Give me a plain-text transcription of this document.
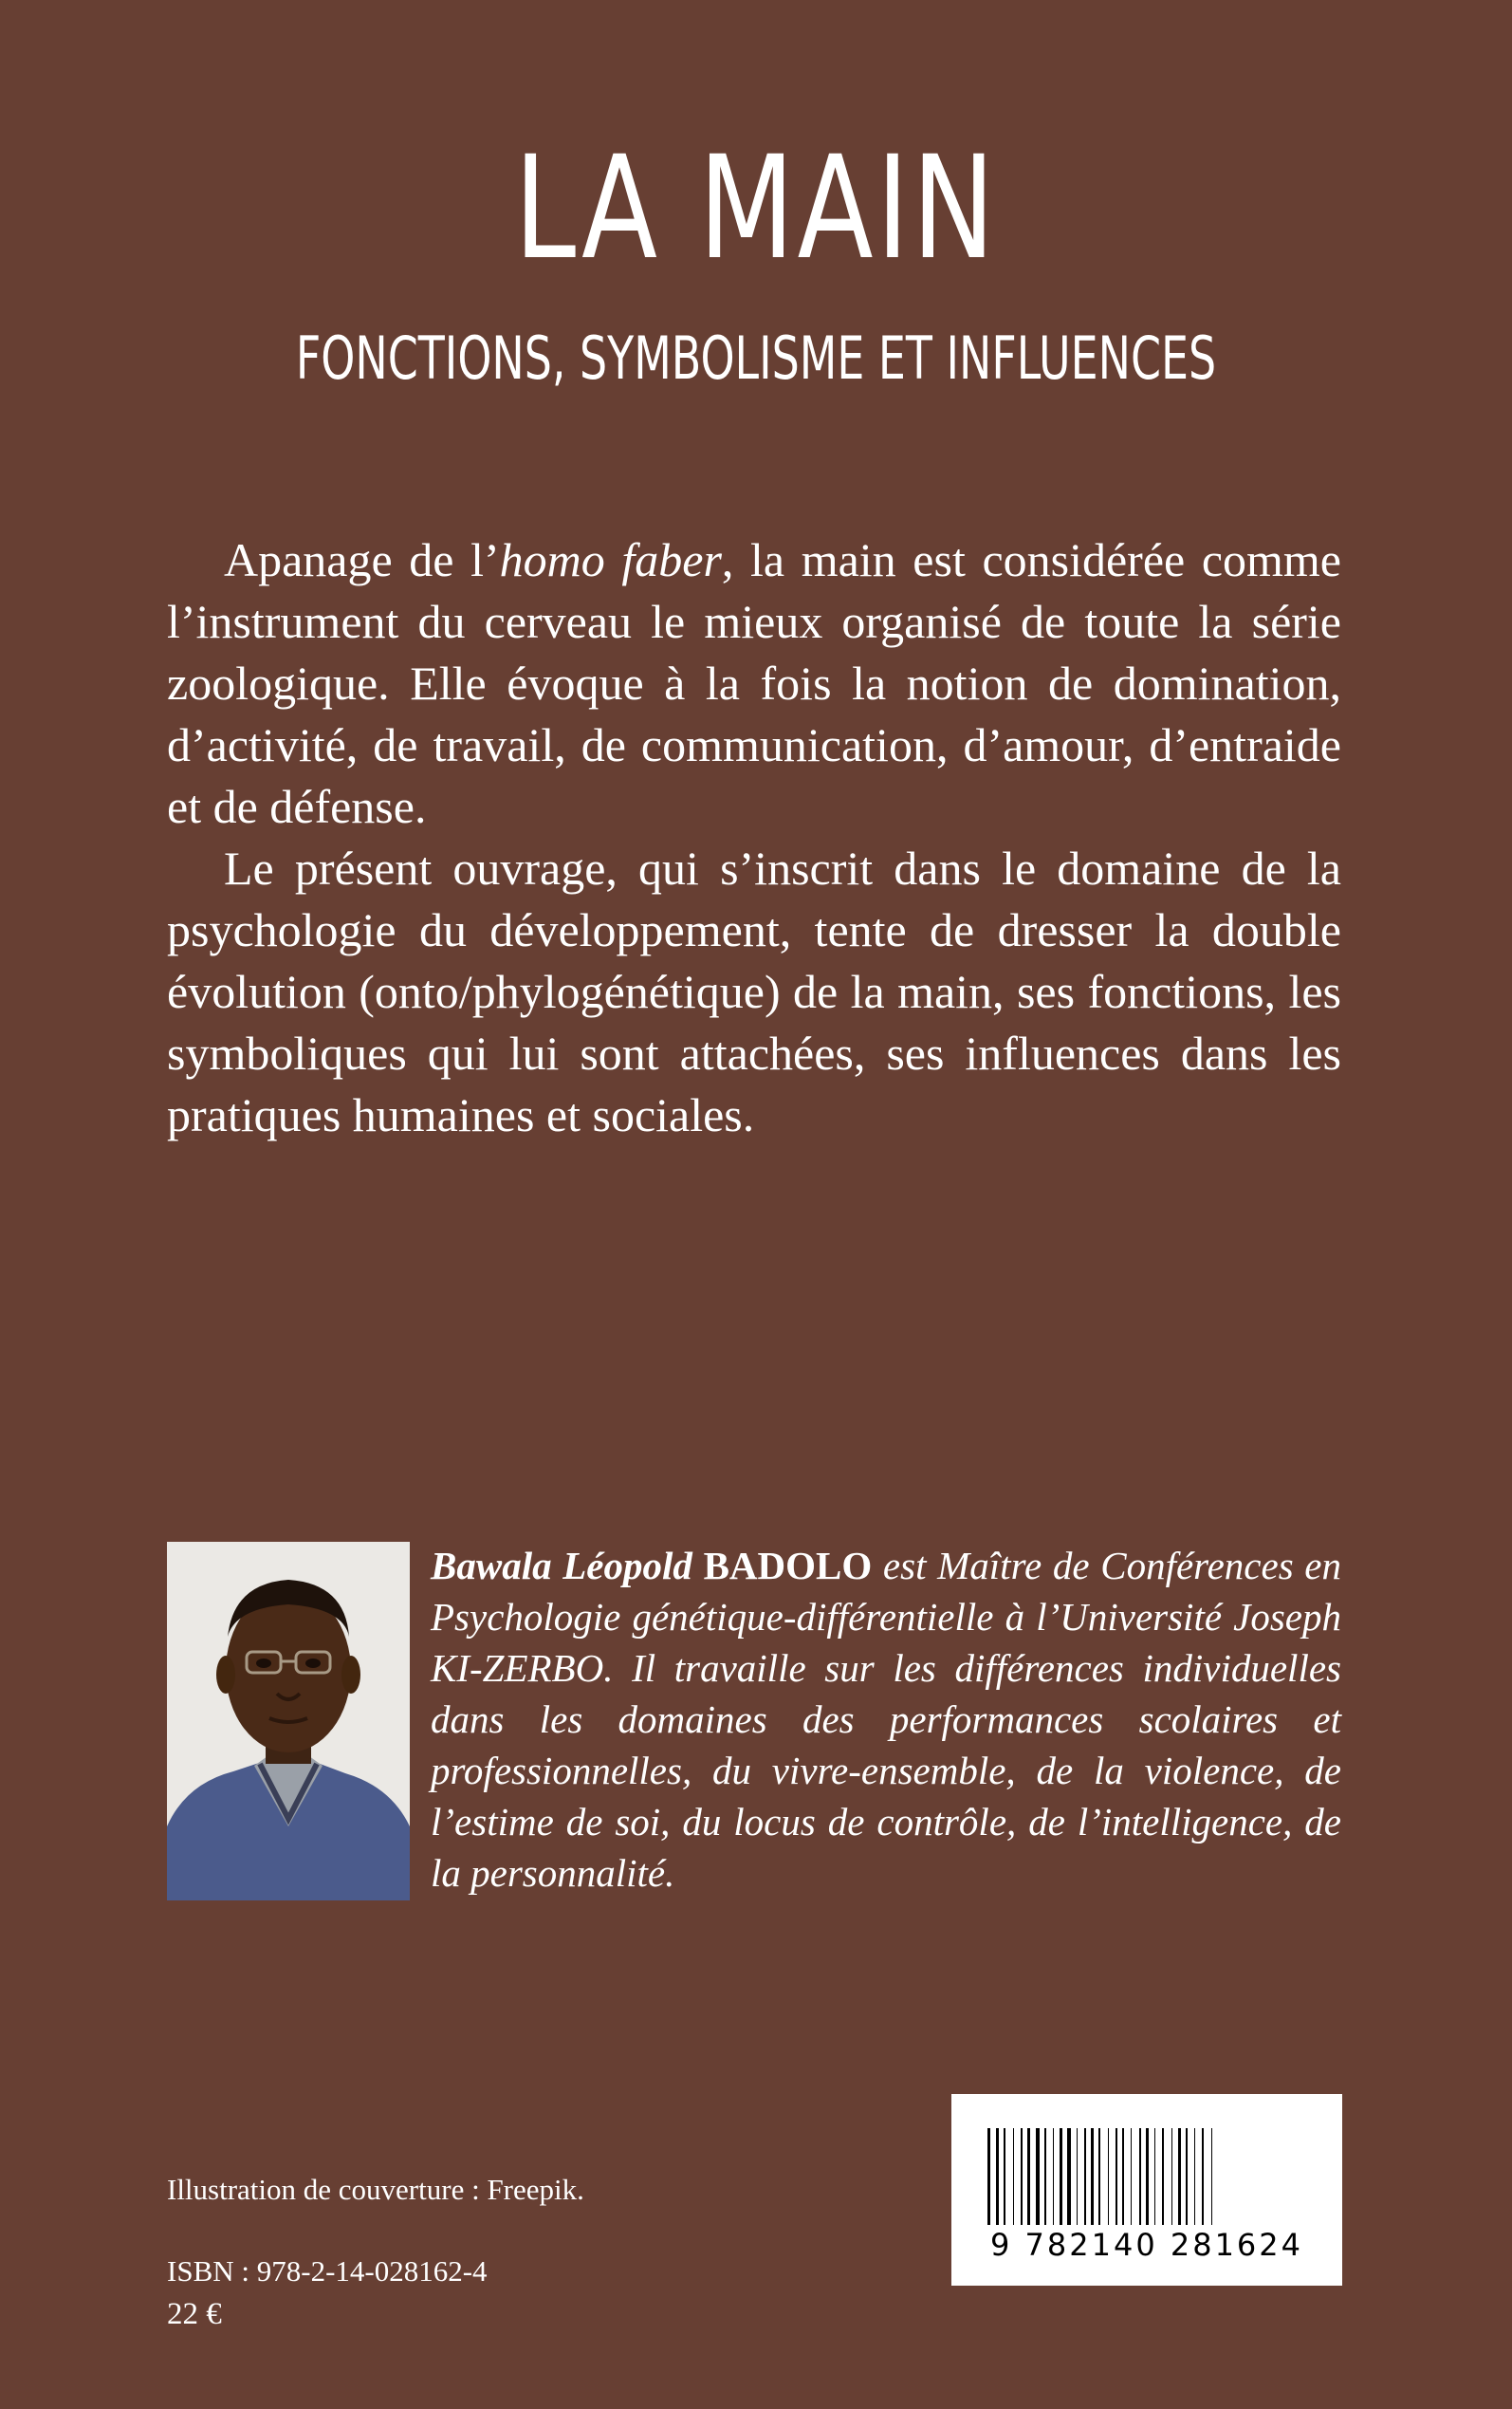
LA MAIN
FONCTIONS, SYMBOLISME ET INFLUENCES

Apanage de l’homo faber, la main est considérée comme l’instrument du cerveau le mieux organisé de toute la série zoologique. Elle évoque à la fois la notion de domination, d’activité, de travail, de communication, d’amour, d’entraide et de défense.

Le présent ouvrage, qui s’inscrit dans le domaine de la psychologie du développement, tente de dresser la double évolution (onto/phylogénétique) de la main, ses fonctions, les symboliques qui lui sont attachées, ses influences dans les pratiques humaines et sociales.

Bawala Léopold BADOLO est Maître de Conférences en Psychologie génétique-différentielle à l’Université Joseph KI-ZERBO. Il travaille sur les différences individuelles dans les domaines des performances scolaires et professionnelles, du vivre-ensemble, de la violence, de l’estime de soi, du locus de contrôle, de l’intelligence, de la personnalité.
Illustration de couverture : Freepik.
ISBN : 978-2-14-028162-4
22 €
9 782140 281624
